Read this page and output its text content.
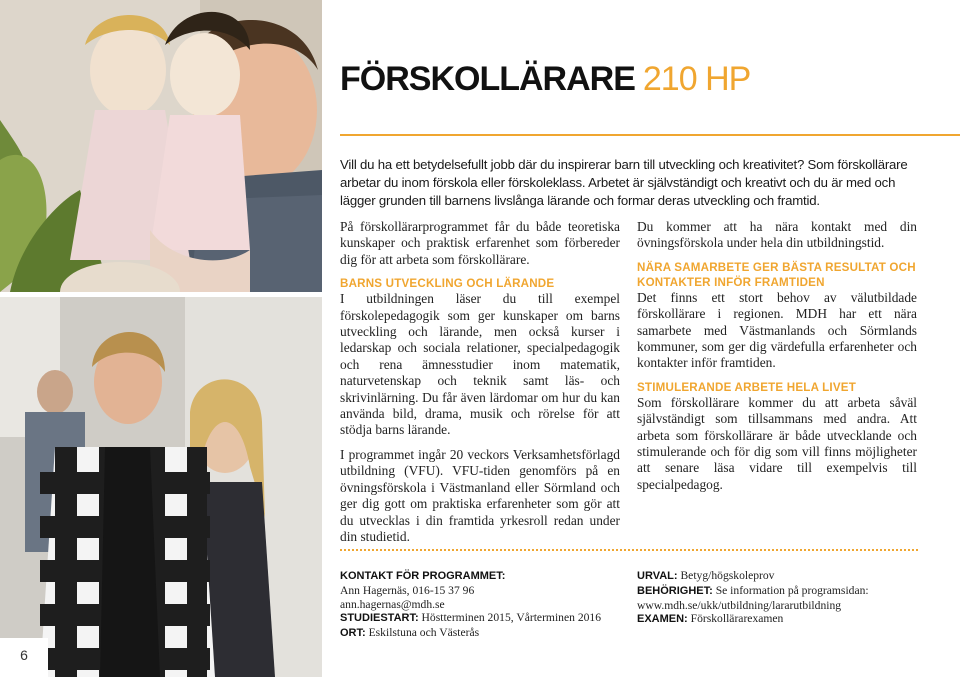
FÖRSKOLLÄRARE 210 HP

Vill du ha ett betydelsefullt jobb där du inspirerar barn till utveckling och kreativitet? Som förskollärare arbetar du inom förskola eller förskoleklass. Arbetet är självständigt och kreativt och du är med och lägger grunden till barnens livslånga lärande och formar deras utveckling och framtid.

På förskollärarprogrammet får du både teoretiska kunskaper och praktisk erfarenhet som förbereder dig för att arbeta som förskollärare.

BARNS UTVECKLING OCH LÄRANDE

I utbildningen läser du till exempel förskolepedagogik som ger kunskaper om barns utveckling och lärande, men också kurser i ledarskap och sociala relationer, specialpedagogik och rena ämnesstudier inom matematik, naturvetenskap och teknik samt läs- och skrivinlärning. Du får även lärdomar om hur du kan använda bild, drama, musik och rörelse för att stödja barns lärande.

I programmet ingår 20 veckors Verksamhetsförlagd utbildning (VFU). VFU-tiden genomförs på en övningsförskola i Västmanland eller Sörmland och ger dig gott om praktiska erfarenheter som gör att du utvecklas i din framtida yrkesroll redan under din studietid.

Du kommer att ha nära kontakt med din övningsförskola under hela din utbildningstid.

NÄRA SAMARBETE GER BÄSTA RESULTAT OCH KONTAKTER INFÖR FRAMTIDEN

Det finns ett stort behov av välutbildade förskollärare i regionen. MDH har ett nära samarbete med Västmanlands och Sörmlands kommuner, som ger dig värdefulla erfarenheter och kontakter inför framtiden.

STIMULERANDE ARBETE HELA LIVET

Som förskollärare kommer du att arbeta såväl självständigt som tillsammans med andra. Att arbeta som förskollärare är både utvecklande och stimulerande och för dig som vill finns möjligheter att senare läsa vidare till exempelvis till specialpedagog.

KONTAKT FÖR PROGRAMMET:
Ann Hagernäs, 016-15 37 96
ann.hagernas@mdh.se
STUDIESTART: Höstterminen 2015, Vårterminen 2016
ORT: Eskilstuna och Västerås
URVAL: Betyg/högskoleprov
BEHÖRIGHET: Se information på programsidan:
www.mdh.se/ukk/utbildning/lararutbildning
EXAMEN: Förskollärarexamen
6
